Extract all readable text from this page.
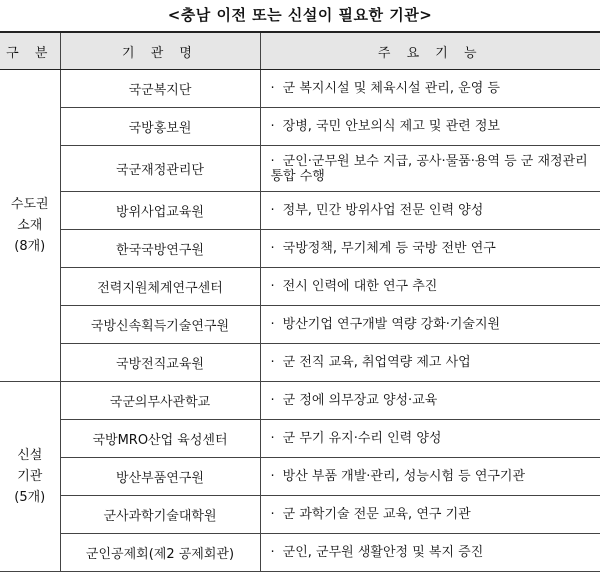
<충남 이전 또는 신설이 필요한 기관>
구 분	기 관 명	주 요 기 능

수도권
소재
(8개)	국군복지단	· 군 복지시설 및 체육시설 관리, 운영 등
	국방홍보원	· 장병, 국민 안보의식 제고 및 관련 정보
	국군재정관리단	· 군인·군무원 보수 지급, 공사·물품·용역 등 군 재정관리 통합 수행
	방위사업교육원	· 정부, 민간 방위사업 전문 인력 양성
	한국국방연구원	· 국방정책, 무기체계 등 국방 전반 연구
	전력지원체계연구센터	· 전시 인력에 대한 연구 추진
	국방신속획득기술연구원	· 방산기업 연구개발 역량 강화·기술지원
	국방전직교육원	· 군 전직 교육, 취업역량 제고 사업

신설
기관
(5개)	국군의무사관학교	· 군 정에 의무장교 양성·교육
	국방MRO산업 육성센터	· 군 무기 유지·수리 인력 양성
	방산부품연구원	· 방산 부품 개발·관리, 성능시험 등 연구기관
	군사과학기술대학원	· 군 과학기술 전문 교육, 연구 기관
	군인공제회(제2 공제회관)	· 군인, 군무원 생활안정 및 복지 증진
